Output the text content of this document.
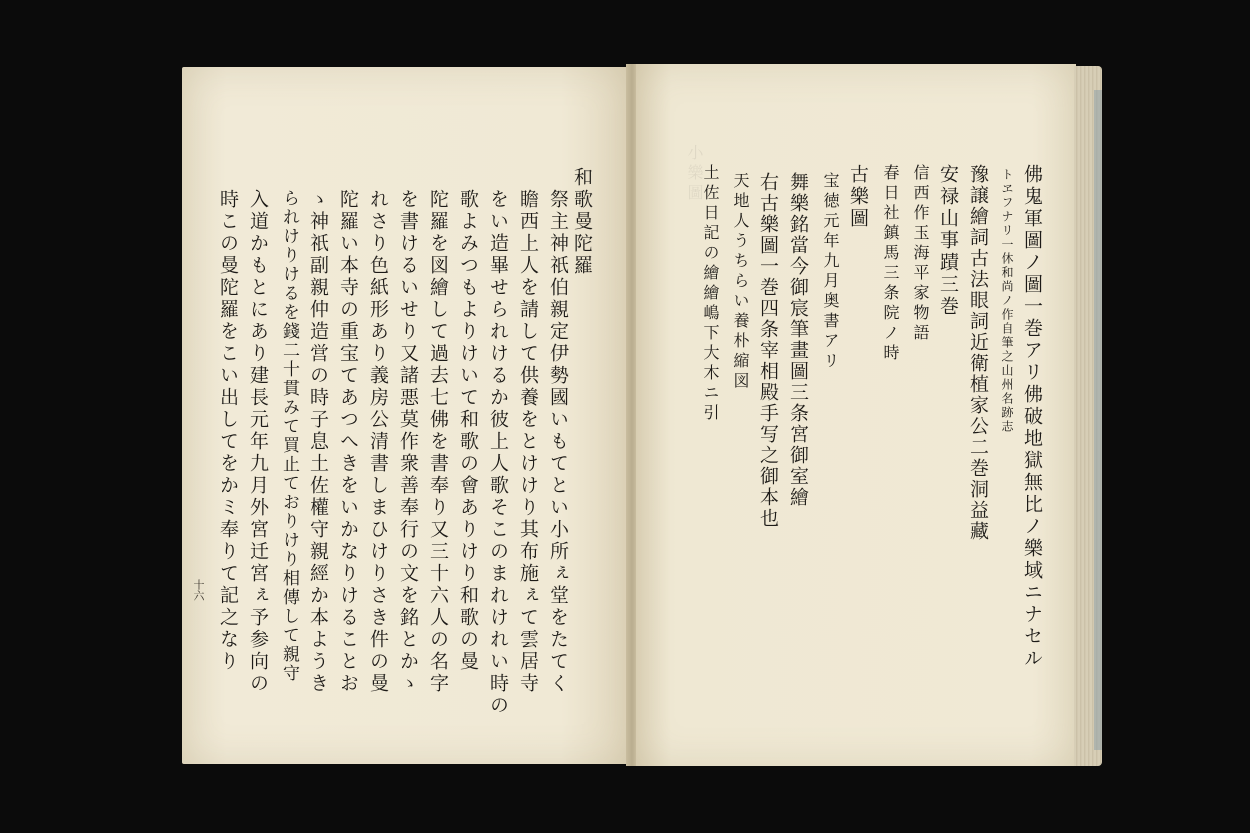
和歌曼陀羅
祭主神祇伯親定伊勢國いもてとい小所ぇ堂をたてく
瞻西上人を請して供養をとけけり其布施ぇて雲居寺
をい造畢せられけるか彼上人歌そこのまれけれい時の
歌よみつもよりけいて和歌の會ありけり和歌の曼
陀羅を図繪して過去七佛を書奉り又三十六人の名字
を書けるいせり又諸悪莫作衆善奉行の文を銘とかゝ
れさり色紙形あり義房公清書しまひけりさき件の曼
陀羅い本寺の重宝てあつへきをいかなりけることお
ゝ神祇副親仲造営の時子息土佐權守親經か本ようき
られけりけるを錢二十貫みて買止ておりけり相傳して親守
入道かもとにあり建長元年九月外宮迁宮ぇ予参向の
時この曼陀羅をこい出してをかミ奉りて記之なり
十六
小樂圖	佛鬼軍圖ノ圖一巻アリ佛破地獄無比ノ樂域ニナセル
トヱフナリ一休和尚ノ作自筆之山州名跡志
豫譲繪詞古法眼詞近衛植家公二巻洞益藏
安禄山事蹟三巻
信西作玉海平家物語
春日社鎮馬三条院ノ時
古樂圖
宝徳元年九月奥書アリ
舞樂銘當今御宸筆畫圖三条宮御室繪
右古樂圖一巻四条宰相殿手写之御本也
天地人うちらい養朴縮図
土佐日記の繪繪嶋下大木ニ引
